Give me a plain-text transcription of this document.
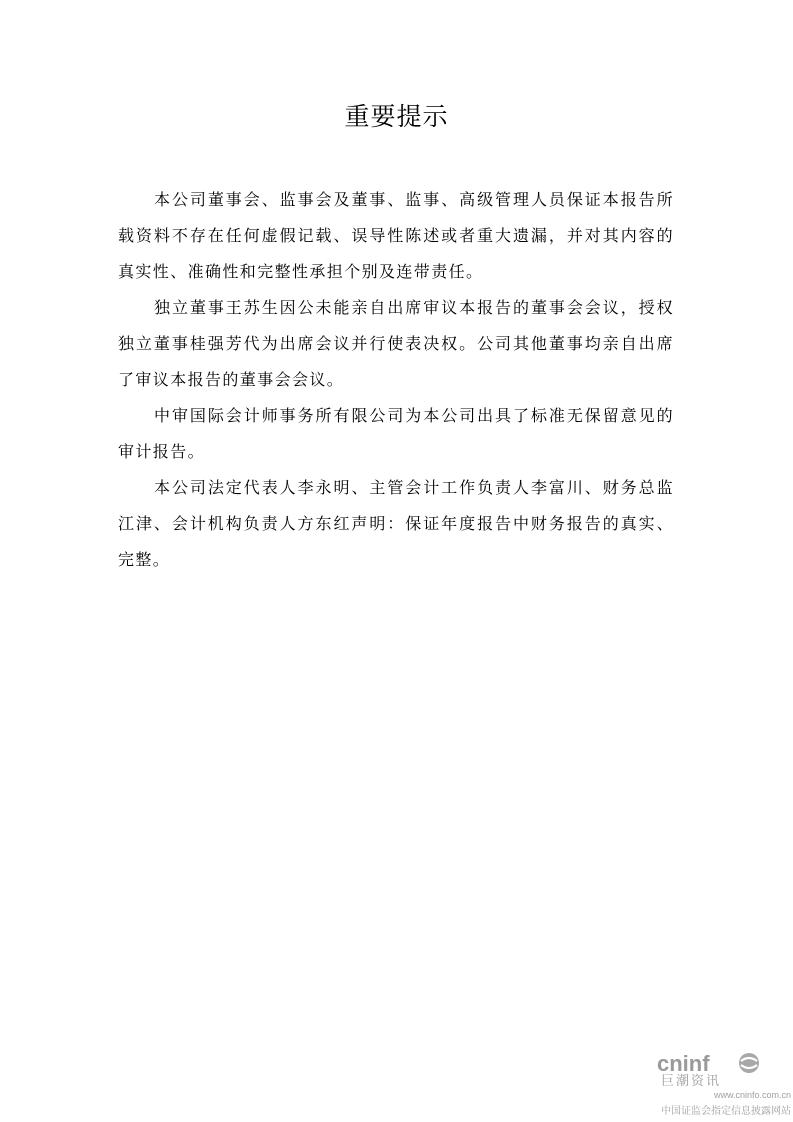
重要提示

本公司董事会、监事会及董事、监事、高级管理人员保证本报告所载资料不存在任何虚假记载、误导性陈述或者重大遗漏，并对其内容的真实性、准确性和完整性承担个别及连带责任。

独立董事王苏生因公未能亲自出席审议本报告的董事会会议，授权独立董事桂强芳代为出席会议并行使表决权。公司其他董事均亲自出席了审议本报告的董事会会议。

中审国际会计师事务所有限公司为本公司出具了标准无保留意见的审计报告。

本公司法定代表人李永明、主管会计工作负责人李富川、财务总监江津、会计机构负责人方东红声明：保证年度报告中财务报告的真实、完整。

cninf
巨潮资讯
www.cninfo.com.cn
中国证监会指定信息披露网站
